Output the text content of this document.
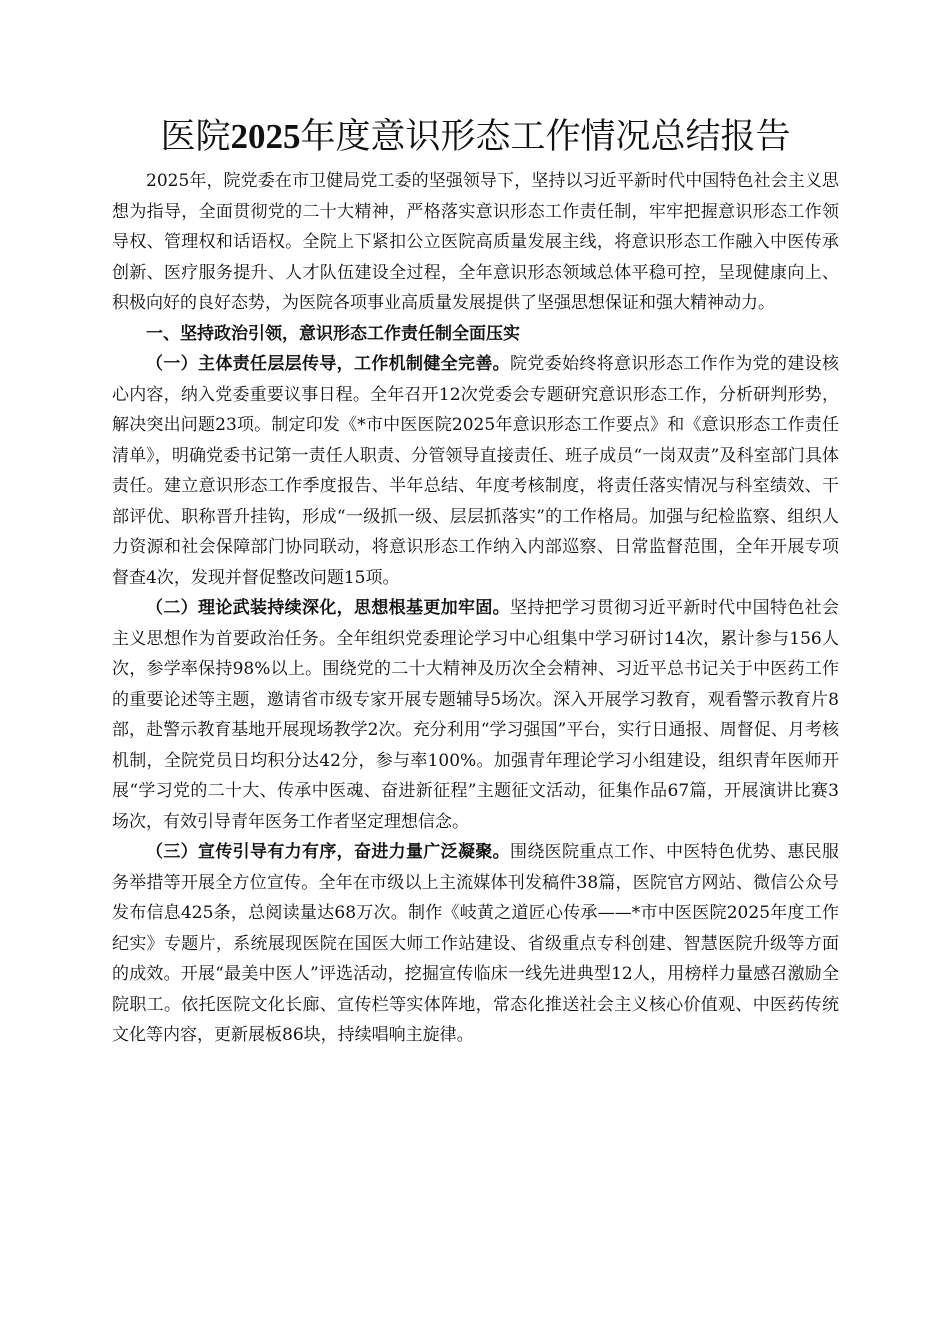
医院2025年度意识形态工作情况总结报告

2025年，院党委在市卫健局党工委的坚强领导下，坚持以习近平新时代中国特色社会主义思想为指导，全面贯彻党的二十大精神，严格落实意识形态工作责任制，牢牢把握意识形态工作领导权、管理权和话语权。全院上下紧扣公立医院高质量发展主线，将意识形态工作融入中医传承创新、医疗服务提升、人才队伍建设全过程，全年意识形态领域总体平稳可控，呈现健康向上、积极向好的良好态势，为医院各项事业高质量发展提供了坚强思想保证和强大精神动力。

一、坚持政治引领，意识形态工作责任制全面压实

（一）主体责任层层传导，工作机制健全完善。院党委始终将意识形态工作作为党的建设核心内容，纳入党委重要议事日程。全年召开12次党委会专题研究意识形态工作，分析研判形势，解决突出问题23项。制定印发《*市中医医院2025年意识形态工作要点》和《意识形态工作责任清单》，明确党委书记第一责任人职责、分管领导直接责任、班子成员“一岗双责”及科室部门具体责任。建立意识形态工作季度报告、半年总结、年度考核制度，将责任落实情况与科室绩效、干部评优、职称晋升挂钩，形成“一级抓一级、层层抓落实”的工作格局。加强与纪检监察、组织人力资源和社会保障部门协同联动，将意识形态工作纳入内部巡察、日常监督范围，全年开展专项督查4次，发现并督促整改问题15项。

（二）理论武装持续深化，思想根基更加牢固。坚持把学习贯彻习近平新时代中国特色社会主义思想作为首要政治任务。全年组织党委理论学习中心组集中学习研讨14次，累计参与156人次，参学率保持98%以上。围绕党的二十大精神及历次全会精神、习近平总书记关于中医药工作的重要论述等主题，邀请省市级专家开展专题辅导5场次。深入开展学习教育，观看警示教育片8部，赴警示教育基地开展现场教学2次。充分利用“学习强国”平台，实行日通报、周督促、月考核机制，全院党员日均积分达42分，参与率100%。加强青年理论学习小组建设，组织青年医师开展“学习党的二十大、传承中医魂、奋进新征程”主题征文活动，征集作品67篇，开展演讲比赛3场次，有效引导青年医务工作者坚定理想信念。

（三）宣传引导有力有序，奋进力量广泛凝聚。围绕医院重点工作、中医特色优势、惠民服务举措等开展全方位宣传。全年在市级以上主流媒体刊发稿件38篇，医院官方网站、微信公众号发布信息425条，总阅读量达68万次。制作《岐黄之道匠心传承——*市中医医院2025年度工作纪实》专题片，系统展现医院在国医大师工作站建设、省级重点专科创建、智慧医院升级等方面的成效。开展“最美中医人”评选活动，挖掘宣传临床一线先进典型12人，用榜样力量感召激励全院职工。依托医院文化长廊、宣传栏等实体阵地，常态化推送社会主义核心价值观、中医药传统文化等内容，更新展板86块，持续唱响主旋律。
